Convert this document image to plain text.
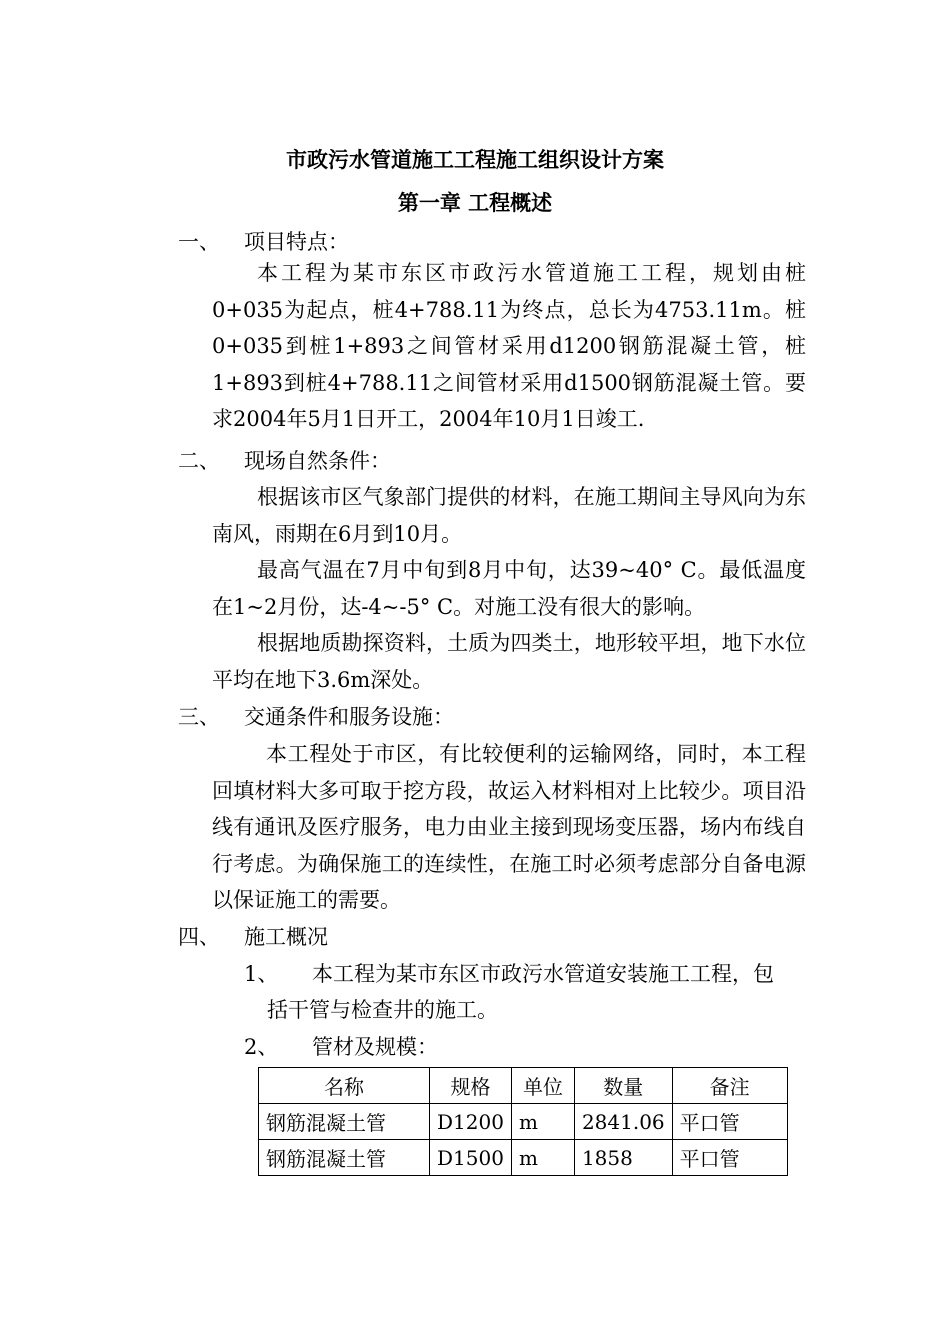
市政污水管道施工工程施工组织设计方案
第一章 工程概述
一、 项目特点：
本工程为某市东区市政污水管道施工工程，规划由桩0+035为起点，桩4+788.11为终点，总长为4753.11m。桩0+035到桩1+893之间管材采用d1200钢筋混凝土管，桩1+893到桩4+788.11之间管材采用d1500钢筋混凝土管。要求2004年5月1日开工，2004年10月1日竣工.
二、 现场自然条件：
根据该市区气象部门提供的材料，在施工期间主导风向为东南风，雨期在6月到10月。
最高气温在7月中旬到8月中旬，达39~40° C。最低温度在1~2月份，达-4~-5° C。对施工没有很大的影响。
根据地质勘探资料，土质为四类土，地形较平坦，地下水位平均在地下3.6m深处。
三、 交通条件和服务设施：
本工程处于市区，有比较便利的运输网络，同时，本工程回填材料大多可取于挖方段，故运入材料相对上比较少。项目沿线有通讯及医疗服务，电力由业主接到现场变压器，场内布线自行考虑。为确保施工的连续性，在施工时必须考虑部分自备电源以保证施工的需要。
四、 施工概况
1、 本工程为某市东区市政污水管道安装施工工程，包
括干管与检查井的施工。
2、 管材及规模：
名称	规格	单位	数量	备注
钢筋混凝土管	D1200	m	2841.06	平口管
钢筋混凝土管	D1500	m	1858	平口管
